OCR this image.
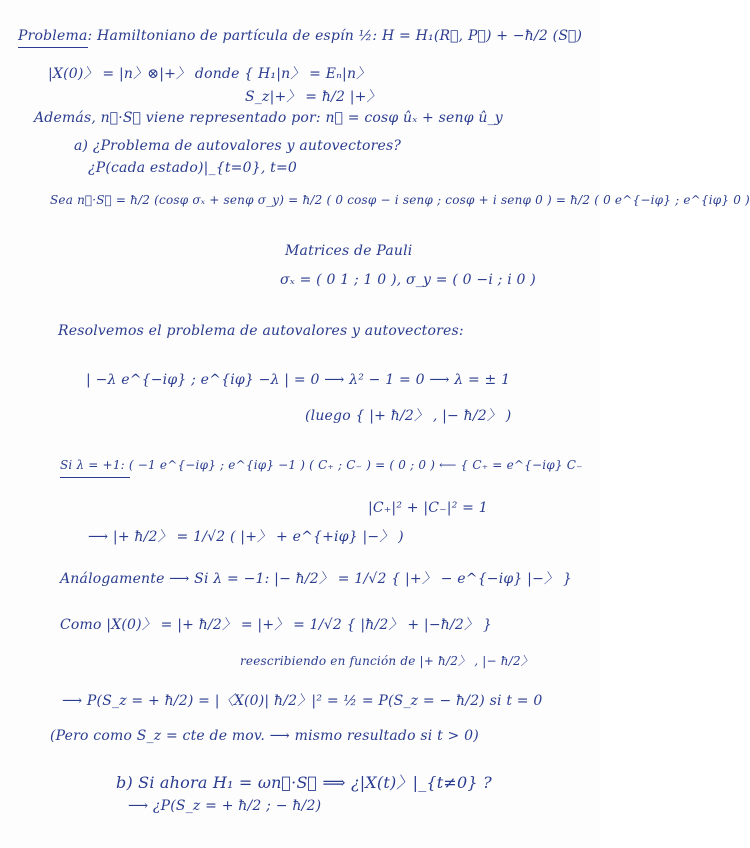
Problema: Hamiltoniano de partícula de espín ½: H = H₁(R⃗, P⃗) + −ħ/2 (S⃗)
|X(0)〉 = |n〉⊗|+〉 donde { H₁|n〉 = Eₙ|n〉
S_z|+〉 = ħ/2 |+〉
Además, n⃗·S⃗ viene representado por: n⃗ = cosφ ûₓ + senφ û_y
a) ¿Problema de autovalores y autovectores?
¿P(cada estado)|_{t=0}, t=0
Sea n⃗·S⃗ = ħ/2 (cosφ σₓ + senφ σ_y) = ħ/2 ( 0 cosφ − i senφ ; cosφ + i senφ 0 ) = ħ/2 ( 0 e^{−iφ} ; e^{iφ} 0 )
Matrices de Pauli
σₓ = ( 0 1 ; 1 0 ), σ_y = ( 0 −i ; i 0 )
Resolvemos el problema de autovalores y autovectores:
| −λ e^{−iφ} ; e^{iφ} −λ | = 0 ⟶ λ² − 1 = 0 ⟶ λ = ± 1
(luego { |+ ħ/2〉 , |− ħ/2〉 )
Si λ = +1: ( −1 e^{−iφ} ; e^{iφ} −1 ) ( C₊ ; C₋ ) = ( 0 ; 0 ) ⟵ { C₊ = e^{−iφ} C₋
|C₊|² + |C₋|² = 1
⟶ |+ ħ/2〉 = 1/√2 ( |+〉 + e^{+iφ} |−〉 )
Análogamente ⟶ Si λ = −1: |− ħ/2〉 = 1/√2 { |+〉 − e^{−iφ} |−〉 }
Como |X(0)〉 = |+ ħ/2〉 = |+〉 = 1/√2 { |ħ/2〉 + |−ħ/2〉 }
reescribiendo en función de |+ ħ/2〉 , |− ħ/2〉
⟶ P(S_z = + ħ/2) = |〈X(0)| ħ/2〉|² = ½ = P(S_z = − ħ/2) si t = 0
(Pero como S_z = cte de mov. ⟶ mismo resultado si t > 0)
b) Si ahora H₁ = ωn⃗·S⃗ ⟹ ¿|X(t)〉|_{t≠0} ?
⟶ ¿P(S_z = + ħ/2 ; − ħ/2)
